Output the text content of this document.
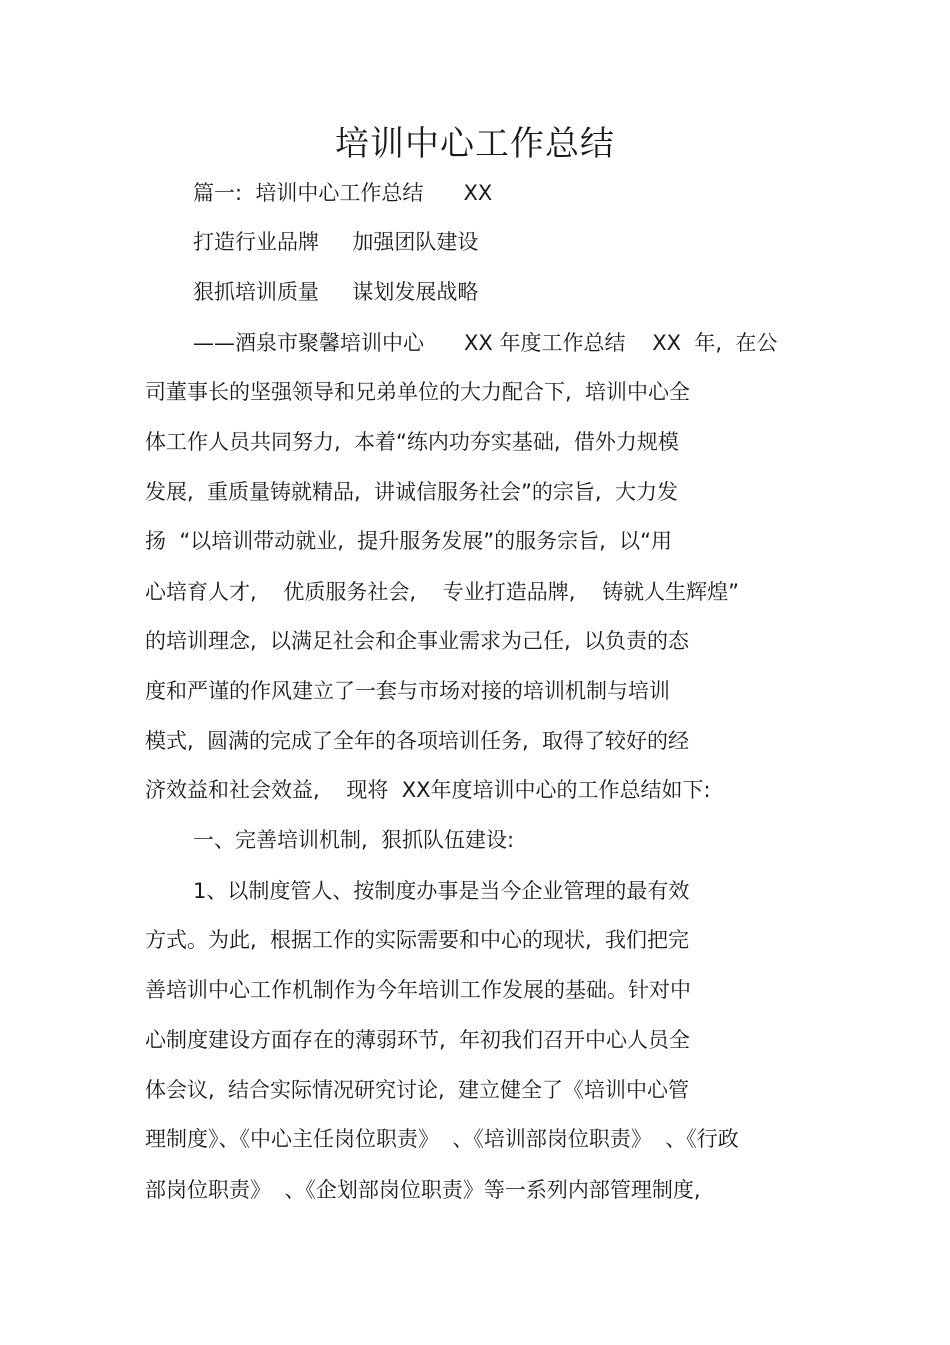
培训中心工作总结
篇一:  培训中心工作总结      XX
打造行业品牌     加强团队建设
狠抓培训质量     谋划发展战略
——酒泉市聚馨培训中心      XX 年度工作总结    XX  年,  在公
司董事长的坚强领导和兄弟单位的大力配合下,  培训中心全
体工作人员共同努力,  本着“练内功夯实基础,  借外力规模
发展,  重质量铸就精品,  讲诚信服务社会”的宗旨,  大力发
扬  “以培训带动就业,  提升服务发展”的服务宗旨,  以“用
心培育人才,    优质服务社会,    专业打造品牌,    铸就人生辉煌”
的培训理念,  以满足社会和企事业需求为己任,  以负责的态
度和严谨的作风建立了一套与市场对接的培训机制与培训
模式,  圆满的完成了全年的各项培训任务,  取得了较好的经
济效益和社会效益,    现将  XX年度培训中心的工作总结如下:
一、完善培训机制,  狠抓队伍建设:
1、以制度管人、按制度办事是当今企业管理的最有效
方式。为此,  根据工作的实际需要和中心的现状,  我们把完
善培训中心工作机制作为今年培训工作发展的基础。针对中
心制度建设方面存在的薄弱环节,  年初我们召开中心人员全
体会议,  结合实际情况研究讨论,  建立健全了《培训中心管
理制度》、《中心主任岗位职责》  、《培训部岗位职责》  、《行政
部岗位职责》  、《企划部岗位职责》等一系列内部管理制度,
